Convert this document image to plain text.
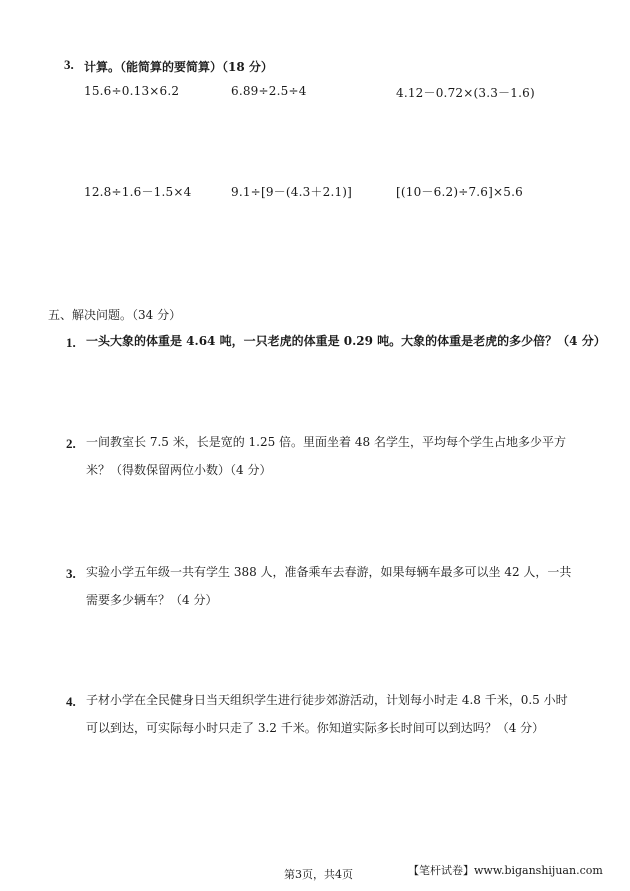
3. 计算。（能简算的要简算）（18 分）
15.6÷0.13×6.2	6.89÷2.5÷4	4.12－0.72×(3.3－1.6)
12.8÷1.6－1.5×4	9.1÷[9－(4.3＋2.1)]	[(10－6.2)÷7.6]×5.6
五、解决问题。（34 分）
1. 一头大象的体重是 4.64 吨，一只老虎的体重是 0.29 吨。大象的体重是老虎的多少倍？（4 分）
2. 一间教室长 7.5 米，长是宽的 1.25 倍。里面坐着 48 名学生，平均每个学生占地多少平方
米？（得数保留两位小数）（4 分）
3. 实验小学五年级一共有学生 388 人，准备乘车去春游，如果每辆车最多可以坐 42 人，一共
需要多少辆车？（4 分）
4. 子材小学在全民健身日当天组织学生进行徒步郊游活动，计划每小时走 4.8 千米，0.5 小时
可以到达，可实际每小时只走了 3.2 千米。你知道实际多长时间可以到达吗？（4 分）
第3页，共4页	【笔杆试卷】www.biganshijuan.com
